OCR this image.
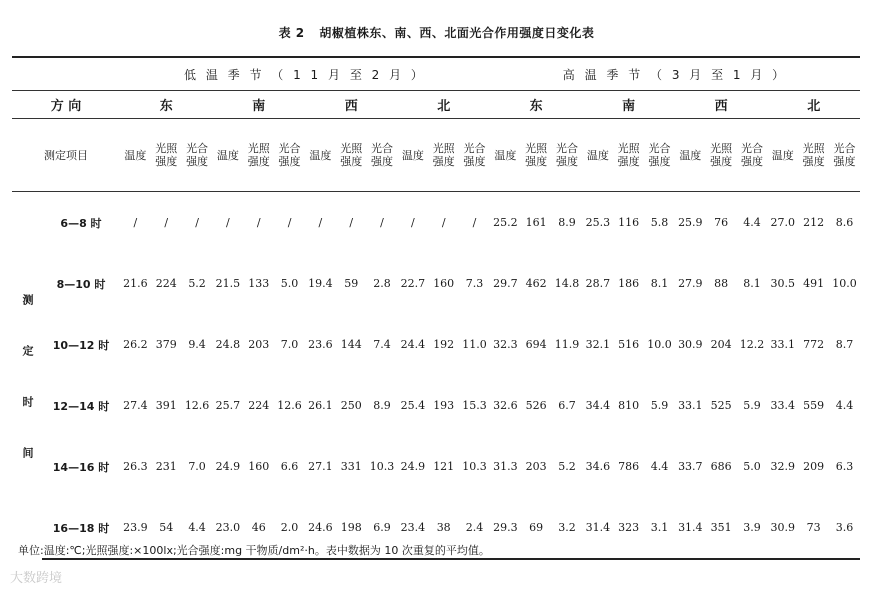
表 2 胡椒植株东、南、西、北面光合作用强度日变化表
		低 温 季 节 （ 1 1 月 至 2 月 ）												高 温 季 节 （ 3 月 至 1 月 ）											
方 向		东			南			西			北			东			南			西			北		
测定项目		温度	光照强度	光合强度	温度	光照强度	光合强度	温度	光照强度	光合强度	温度	光照强度	光合强度	温度	光照强度	光合强度	温度	光照强度	光合强度	温度	光照强度	光合强度	温度	光照强度	光合强度

测定时间	6—8 时	/	/	/	/	/	/	/	/	/	/	/	/	25.2	161	8.9	25.3	116	5.8	25.9	76	4.4	27.0	212	8.6
	8—10 时	21.6	224	5.2	21.5	133	5.0	19.4	59	2.8	22.7	160	7.3	29.7	462	14.8	28.7	186	8.1	27.9	88	8.1	30.5	491	10.0
	10—12 时	26.2	379	9.4	24.8	203	7.0	23.6	144	7.4	24.4	192	11.0	32.3	694	11.9	32.1	516	10.0	30.9	204	12.2	33.1	772	8.7
	12—14 时	27.4	391	12.6	25.7	224	12.6	26.1	250	8.9	25.4	193	15.3	32.6	526	6.7	34.4	810	5.9	33.1	525	5.9	33.4	559	4.4
	14—16 时	26.3	231	7.0	24.9	160	6.6	27.1	331	10.3	24.9	121	10.3	31.3	203	5.2	34.6	786	4.4	33.7	686	5.0	32.9	209	6.3
	16—18 时	23.9	54	4.4	23.0	46	2.0	24.6	198	6.9	23.4	38	2.4	29.3	69	3.2	31.4	323	3.1	31.4	351	3.9	30.9	73	3.6
单位:温度:℃;光照强度:×100lx;光合强度:mg 干物质/dm²·h。表中数据为 10 次重复的平均值。
大数跨境
